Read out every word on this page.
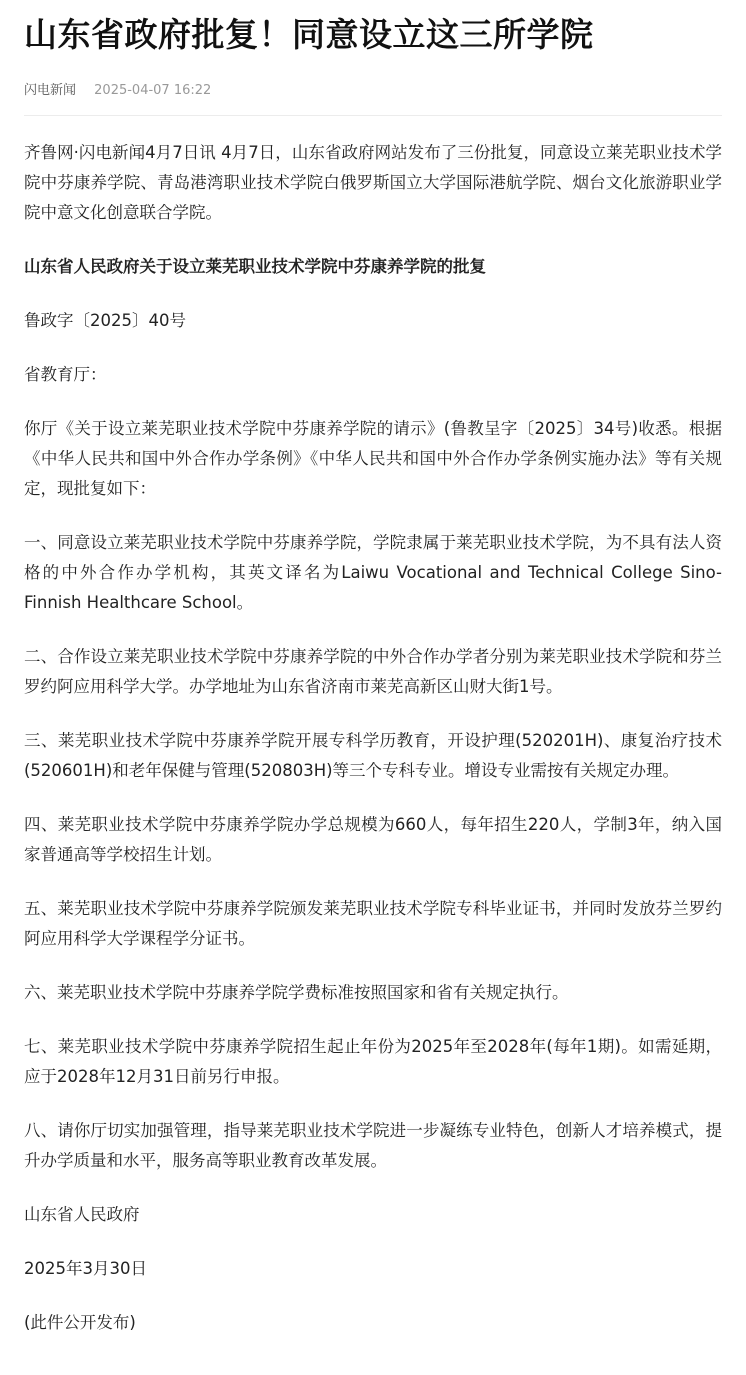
山东省政府批复！同意设立这三所学院
闪电新闻 2025-04-07 16:22

齐鲁网·闪电新闻4月7日讯 4月7日，山东省政府网站发布了三份批复，同意设立莱芜职业技术学院中芬康养学院、青岛港湾职业技术学院白俄罗斯国立大学国际港航学院、烟台文化旅游职业学院中意文化创意联合学院。

山东省人民政府关于设立莱芜职业技术学院中芬康养学院的批复

鲁政字〔2025〕40号

省教育厅：

你厅《关于设立莱芜职业技术学院中芬康养学院的请示》(鲁教呈字〔2025〕34号)收悉。根据《中华人民共和国中外合作办学条例》《中华人民共和国中外合作办学条例实施办法》等有关规定，现批复如下：

一、同意设立莱芜职业技术学院中芬康养学院，学院隶属于莱芜职业技术学院，为不具有法人资格的中外合作办学机构，其英文译名为Laiwu Vocational and Technical College Sino-Finnish Healthcare School。

二、合作设立莱芜职业技术学院中芬康养学院的中外合作办学者分别为莱芜职业技术学院和芬兰罗约阿应用科学大学。办学地址为山东省济南市莱芜高新区山财大街1号。

三、莱芜职业技术学院中芬康养学院开展专科学历教育，开设护理(520201H)、康复治疗技术(520601H)和老年保健与管理(520803H)等三个专科专业。增设专业需按有关规定办理。

四、莱芜职业技术学院中芬康养学院办学总规模为660人，每年招生220人，学制3年，纳入国家普通高等学校招生计划。

五、莱芜职业技术学院中芬康养学院颁发莱芜职业技术学院专科毕业证书，并同时发放芬兰罗约阿应用科学大学课程学分证书。

六、莱芜职业技术学院中芬康养学院学费标准按照国家和省有关规定执行。

七、莱芜职业技术学院中芬康养学院招生起止年份为2025年至2028年(每年1期)。如需延期，应于2028年12月31日前另行申报。

八、请你厅切实加强管理，指导莱芜职业技术学院进一步凝练专业特色，创新人才培养模式，提升办学质量和水平，服务高等职业教育改革发展。

山东省人民政府

2025年3月30日

(此件公开发布)
